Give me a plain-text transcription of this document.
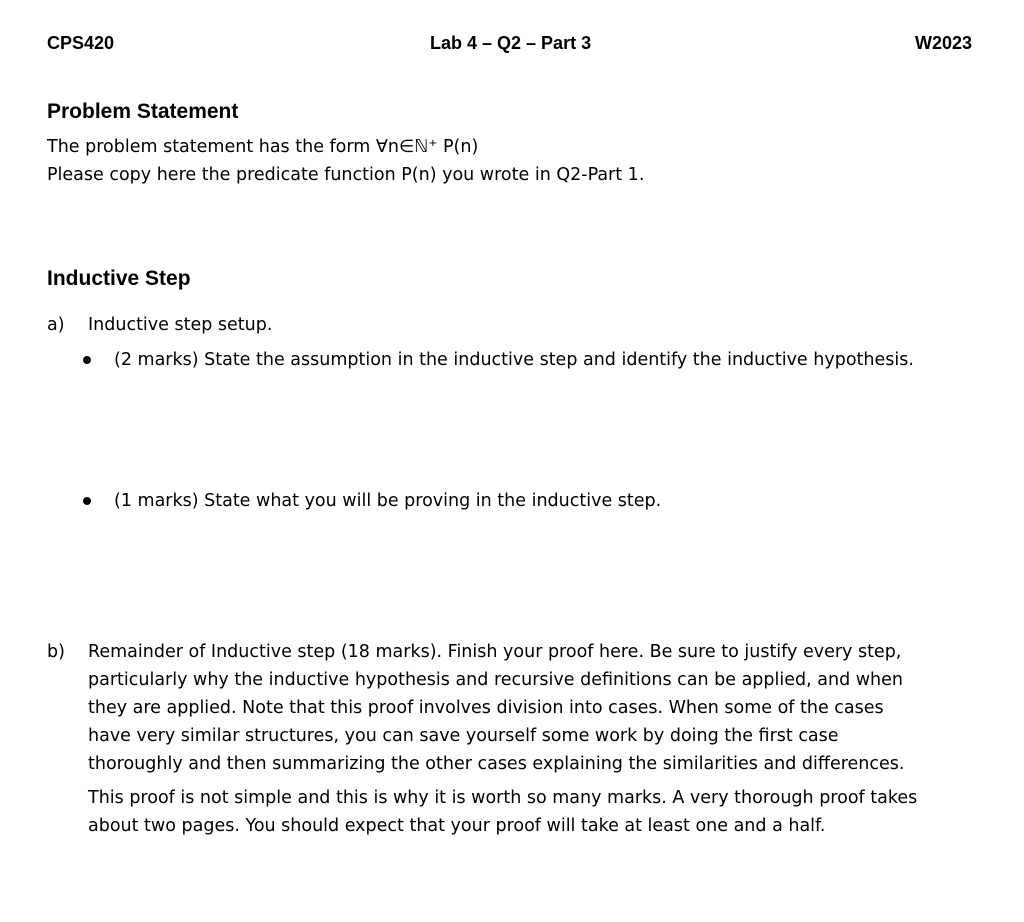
CPS420	Lab 4 – Q2 – Part 3	W2023
Problem Statement
The problem statement has the form ∀n∈ℕ⁺ P(n)
Please copy here the predicate function P(n) you wrote in Q2-Part 1.
Inductive Step
a) Inductive step setup.
(2 marks) State the assumption in the inductive step and identify the inductive hypothesis.
(1 marks) State what you will be proving in the inductive step.
b) Remainder of Inductive step (18 marks). Finish your proof here. Be sure to justify every step,
particularly why the inductive hypothesis and recursive definitions can be applied, and when
they are applied. Note that this proof involves division into cases. When some of the cases
have very similar structures, you can save yourself some work by doing the first case
thoroughly and then summarizing the other cases explaining the similarities and differences.
This proof is not simple and this is why it is worth so many marks. A very thorough proof takes
about two pages. You should expect that your proof will take at least one and a half.
